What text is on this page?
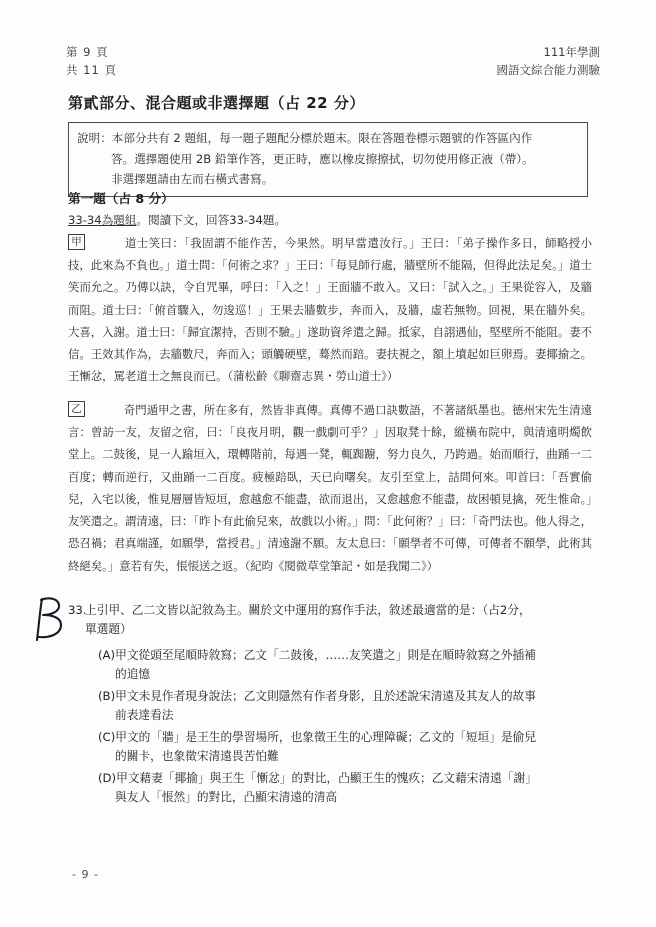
第 9 頁
共 11 頁
111年學測
國語文綜合能力測驗
第貳部分、混合題或非選擇題（占 22 分）
說明：本部分共有 2 題組，每一題子題配分標於題末。限在答題卷標示題號的作答區內作
答。選擇題使用 2B 鉛筆作答，更正時，應以橡皮擦擦拭，切勿使用修正液（帶）。
非選擇題請由左而右橫式書寫。
第一題（占 8 分）
33-34為題組。閱讀下文，回答33-34題。
甲　　道士笑曰：「我固謂不能作苦，今果然。明早當遣汝行。」王曰：「弟子操作多日，師略授小技，此來為不負也。」道士問：「何術之求？」王曰：「每見師行處，牆壁所不能隔，但得此法足矣。」道士笑而允之。乃傳以訣，令自咒畢，呼曰：「入之！」王面牆不敢入。又曰：「試入之。」王果從容入，及牆而阻。道士曰：「俯首驟入，勿逡巡！」王果去牆數步，奔而入，及牆，虛若無物。回視，果在牆外矣。大喜，入謝。道士曰：「歸宜潔持，否則不驗。」遂助資斧遣之歸。抵家，自詡遇仙，堅壁所不能阻。妻不信。王效其作為，去牆數尺，奔而入；頭觸硬壁，蓦然而踣。妻扶視之，額上墳起如巨卵焉。妻揶揄之。王慚忿，罵老道士之無良而已。（蒲松齡《聊齋志異・勞山道士》）
乙　　奇門遁甲之書，所在多有，然皆非真傳。真傳不過口訣數語，不著諸紙墨也。德州宋先生清遠言：曾訪一友，友留之宿，曰：「良夜月明，觀一戲劇可乎？」因取凳十餘，縱橫布院中，與清遠明燭飲堂上。二鼓後，見一人踰垣入，環轉階前，每遇一凳，輒踟躕，努力良久，乃跨過。始而順行，曲踊一二百度；轉而逆行，又曲踊一二百度。疲極踣臥，天已向曙矣。友引至堂上，詰問何來。叩首曰：「吾實偷兒，入宅以後，惟見層層皆短垣，愈越愈不能盡，欲而退出，又愈越愈不能盡，故困頓見擒，死生惟命。」友笑遣之。謂清遠，曰：「昨卜有此偷兒來，故戲以小術。」問：「此何術？」曰：「奇門法也。他人得之，恐召禍；君真端謹，如願學，當授君。」清遠謝不願。友太息曰：「願學者不可傳，可傳者不願學，此術其終絕矣。」意若有失，悵悵送之返。（紀昀《閱微草堂筆記・如是我聞二》）
33.
上引甲、乙二文皆以記敘為主。關於文中運用的寫作手法，敘述最適當的是：（占2分，
單選題）
(A)甲文從頭至尾順時敘寫；乙文「二鼓後，……友笑遣之」則是在順時敘寫之外插補
的追憶
(B)甲文未見作者現身說法；乙文則隱然有作者身影，且於述說宋清遠及其友人的故事
前表達看法
(C)甲文的「牆」是王生的學習場所，也象徵王生的心理障礙；乙文的「短垣」是偷兒
的關卡，也象徵宋清遠畏苦怕難
(D)甲文藉妻「揶揄」與王生「慚忿」的對比，凸顯王生的愧疚；乙文藉宋清遠「謝」
與友人「悵然」的對比，凸顯宋清遠的清高
- 9 -
